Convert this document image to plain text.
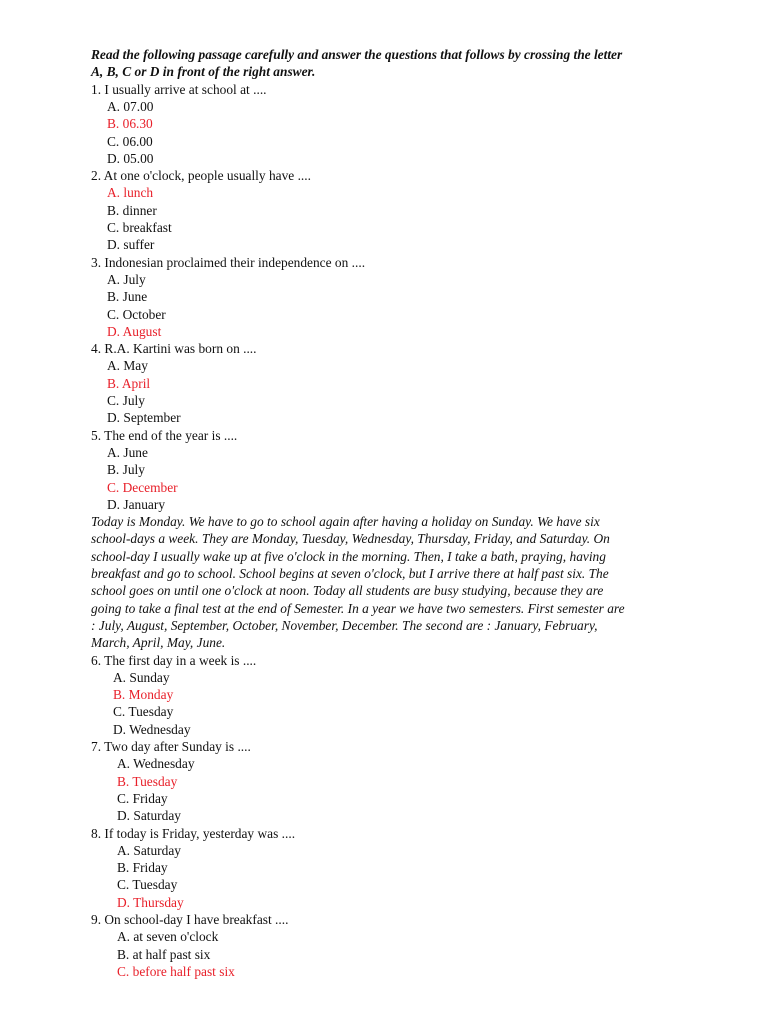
Read the following passage carefully and answer the questions that follows by crossing the letter
A, B, C or D in front of the right answer.
1. I usually arrive at school at ....
A. 07.00
B. 06.30
C. 06.00
D. 05.00
2. At one o'clock, people usually have ....
A. lunch
B. dinner
C. breakfast
D. suffer
3. Indonesian proclaimed their independence on ....
A. July
B. June
C. October
D. August
4. R.A. Kartini was born on ....
A. May
B. April
C. July
D. September
5. The end of the year is ....
A. June
B. July
C. December
D. January
Today is Monday. We have to go to school again after having a holiday on Sunday. We have six
school-days a week. They are Monday, Tuesday, Wednesday, Thursday, Friday, and Saturday. On
school-day I usually wake up at five o'clock in the morning. Then, I take a bath, praying, having
breakfast and go to school. School begins at seven o'clock, but I arrive there at half past six. The
school goes on until one o'clock at noon. Today all students are busy studying, because they are
going to take a final test at the end of Semester. In a year we have two semesters. First semester are
: July, August, September, October, November, December. The second are : January, February,
March, April, May, June.
6. The first day in a week is ....
A. Sunday
B. Monday
C. Tuesday
D. Wednesday
7. Two day after Sunday is ....
A. Wednesday
B. Tuesday
C. Friday
D. Saturday
8. If today is Friday, yesterday was ....
A. Saturday
B. Friday
C. Tuesday
D. Thursday
9. On school-day I have breakfast ....
A. at seven o'clock
B. at half past six
C. before half past six
